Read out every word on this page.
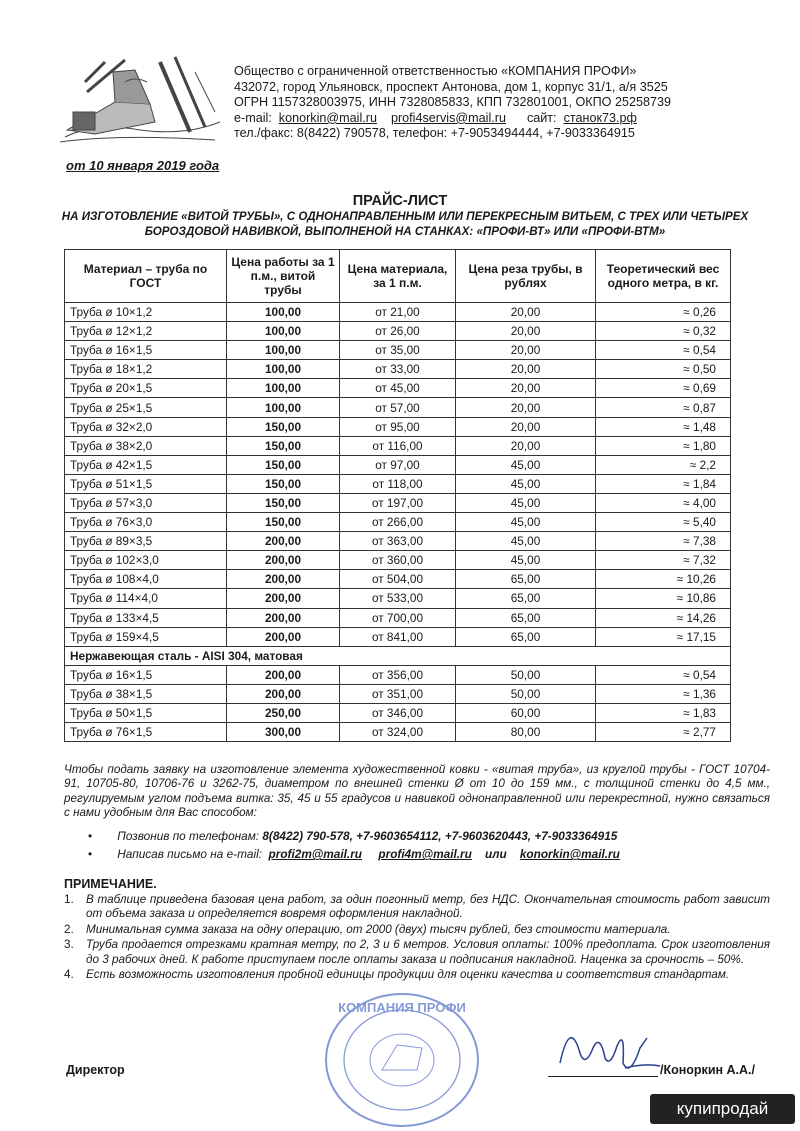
Общество с ограниченной ответственностью «КОМПАНИЯ ПРОФИ»
432072, город Ульяновск, проспект Антонова, дом 1, корпус 31/1, а/я 3525
ОГРН 1157328003975, ИНН 7328085833, КПП 732801001, ОКПО 25258739
e-mail: konorkin@mail.ru profi4servis@mail.ru сайт: станок73.рф
тел./факс: 8(8422) 790578, телефон: +7-9053494444, +7-9033364915
от 10 января 2019 года
ПРАЙС-ЛИСТ
НА ИЗГОТОВЛЕНИЕ «ВИТОЙ ТРУБЫ», С ОДНОНАПРАВЛЕННЫМ ИЛИ ПЕРЕКРЕСНЫМ ВИТЬЕМ, С ТРЕХ ИЛИ ЧЕТЫРЕХ БОРОЗДОВОЙ НАВИВКОЙ, ВЫПОЛНЕНОЙ НА СТАНКАХ: «ПРОФИ-ВТ» ИЛИ «ПРОФИ-ВТМ»
Материал – труба по ГОСТ	Цена работы за 1 п.м., витой трубы	Цена материала, за 1 п.м.	Цена реза трубы, в рублях	Теоретический вес одного метра, в кг.
Труба ø 10×1,2	100,00	от 21,00	20,00	≈ 0,26
Труба ø 12×1,2	100,00	от 26,00	20,00	≈ 0,32
Труба ø 16×1,5	100,00	от 35,00	20,00	≈ 0,54
Труба ø 18×1,2	100,00	от 33,00	20,00	≈ 0,50
Труба ø 20×1,5	100,00	от 45,00	20,00	≈ 0,69
Труба ø 25×1,5	100,00	от 57,00	20,00	≈ 0,87
Труба ø 32×2,0	150,00	от 95,00	20,00	≈ 1,48
Труба ø 38×2,0	150,00	от 116,00	20,00	≈ 1,80
Труба ø 42×1,5	150,00	от 97,00	45,00	≈ 2,2
Труба ø 51×1,5	150,00	от 118,00	45,00	≈ 1,84
Труба ø 57×3,0	150,00	от 197,00	45,00	≈ 4,00
Труба ø 76×3,0	150,00	от 266,00	45,00	≈ 5,40
Труба ø 89×3,5	200,00	от 363,00	45,00	≈ 7,38
Труба ø 102×3,0	200,00	от 360,00	45,00	≈ 7,32
Труба ø 108×4,0	200,00	от 504,00	65,00	≈ 10,26
Труба ø 114×4,0	200,00	от 533,00	65,00	≈ 10,86
Труба ø 133×4,5	200,00	от 700,00	65,00	≈ 14,26
Труба ø 159×4,5	200,00	от 841,00	65,00	≈ 17,15
Нержавеющая сталь - AISI 304, матовая				
Труба ø 16×1,5	200,00	от 356,00	50,00	≈ 0,54
Труба ø 38×1,5	200,00	от 351,00	50,00	≈ 1,36
Труба ø 50×1,5	250,00	от 346,00	60,00	≈ 1,83
Труба ø 76×1,5	300,00	от 324,00	80,00	≈ 2,77
Чтобы подать заявку на изготовление элемента художественной ковки - «витая труба», из круглой трубы - ГОСТ 10704-91, 10705-80, 10706-76 и 3262-75, диаметром по внешней стенки Ø от 10 до 159 мм., с толщиной стенки до 4,5 мм., регулируемым углом подъема витка: 35, 45 и 55 градусов и навивкой однонаправленной или перекрестной, нужно связаться с нами удобным для Вас способом:
• Позвонив по телефонам: 8(8422) 790-578, +7-9603654112, +7-9603620443, +7-9033364915
• Написав письмо на e-mail: profi2m@mail.ru profi4m@mail.ru или konorkin@mail.ru
ПРИМЕЧАНИЕ.
1.	В таблице приведена базовая цена работ, за один погонный метр, без НДС. Окончательная стоимость работ зависит от объема заказа и определяется вовремя оформления накладной.
2.	Минимальная сумма заказа на одну операцию, от 2000 (двух) тысяч рублей, без стоимости материала.
3.	Труба продается отрезками кратная метру, по 2, 3 и 6 метров. Условия оплаты: 100% предоплата. Срок изготовления до 3 рабочих дней. К работе приступаем после оплаты заказа и подписания накладной. Наценка за срочность – 50%.
4.	Есть возможность изготовления пробной единицы продукции для оценки качества и соответствия стандартам.
КОМПАНИЯ ПРОФИ
Директор	/Коноркин А.А./
купипродай
